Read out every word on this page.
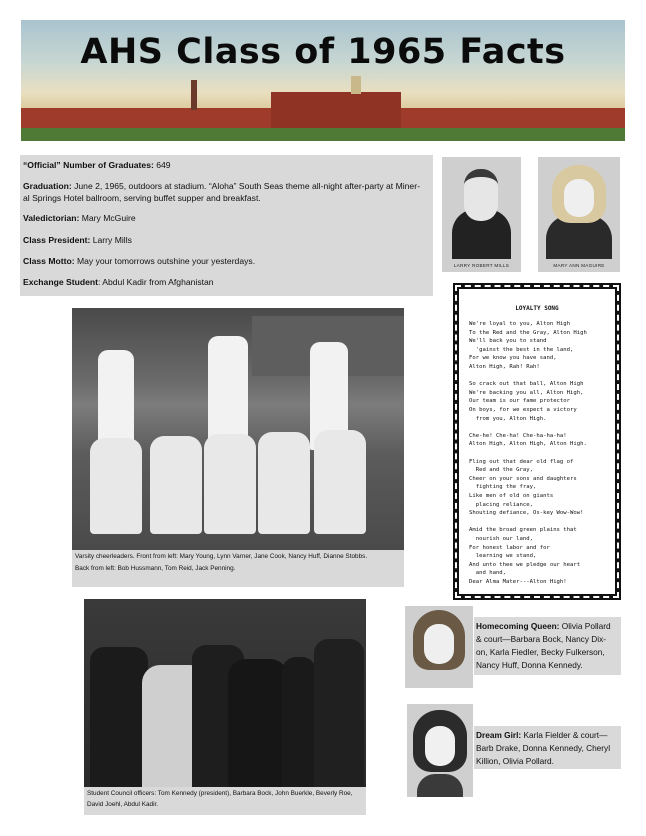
AHS Class of 1965 Facts
“Official” Number of Graduates: 649
Graduation: June 2, 1965, outdoors at stadium. “Aloha” South Seas theme all-night after-party at Miner-
al Springs Hotel ballroom, serving buffet supper and breakfast.
Valedictorian: Mary McGuire
Class President: Larry Mills
Class Motto: May your tomorrows outshine your yesterdays.
Exchange Student: Abdul Kadir from Afghanistan
LARRY ROBERT MILLS	MARY ANN MAGUIRE
Varsity cheerleaders. Front from left: Mary Young, Lynn Varner, Jane Cook, Nancy Huff, Dianne Stobbs.
Back from left: Bob Hussmann, Tom Reid, Jack Penning.
LOYALTY SONG
We're loyal to you, Alton High
To the Red and the Gray, Alton High
We'll back you to stand
'gainst the best in the land,
For we know you have sand,
Alton High, Rah! Rah!
So crack out that ball, Alton High
We're backing you all, Alton High,
Our team is our fame protector
On boys, for we expect a victory
from you, Alton High.
Che-he! Che-ha! Che-ha-ha-ha!
Alton High, Alton High, Alton High.
Fling out that dear old flag of
Red and the Gray,
Cheer on your sons and daughters
fighting the fray,
Like men of old on giants
placing reliance,
Shouting defiance, Os-key Wow-Wow!
Amid the broad green plains that
nourish our land,
For honest labor and for
learning we stand,
And unto thee we pledge our heart
and hand,
Dear Alma Mater---Alton High!
Student Council officers: Tom Kennedy (president), Barbara Bock, John Buerkle, Beverly Roe,
David Joehl, Abdul Kadir.
Homecoming Queen: Olivia Pollard
& court—Barbara Bock, Nancy Dix-
on, Karla Fiedler, Becky Fulkerson,
Nancy Huff, Donna Kennedy.
Dream Girl: Karla Fielder & court—
Barb Drake, Donna Kennedy, Cheryl
Killion, Olivia Pollard.
